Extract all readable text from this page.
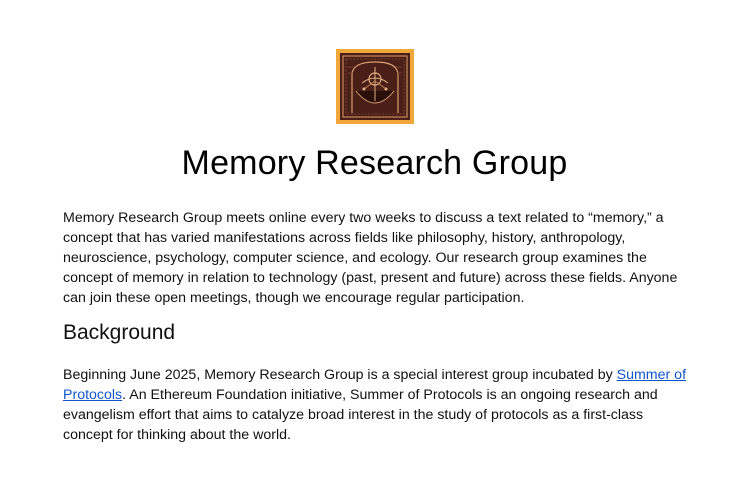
Memory Research Group

Memory Research Group meets online every two weeks to discuss a text related to “memory,” a concept that has varied manifestations across fields like philosophy, history, anthropology, neuroscience, psychology, computer science, and ecology. Our research group examines the concept of memory in relation to technology (past, present and future) across these fields. Anyone can join these open meetings, though we encourage regular participation.

Background

Beginning June 2025, Memory Research Group is a special interest group incubated by Summer of Protocols. An Ethereum Foundation initiative, Summer of Protocols is an ongoing research and evangelism effort that aims to catalyze broad interest in the study of protocols as a first-class concept for thinking about the world.
